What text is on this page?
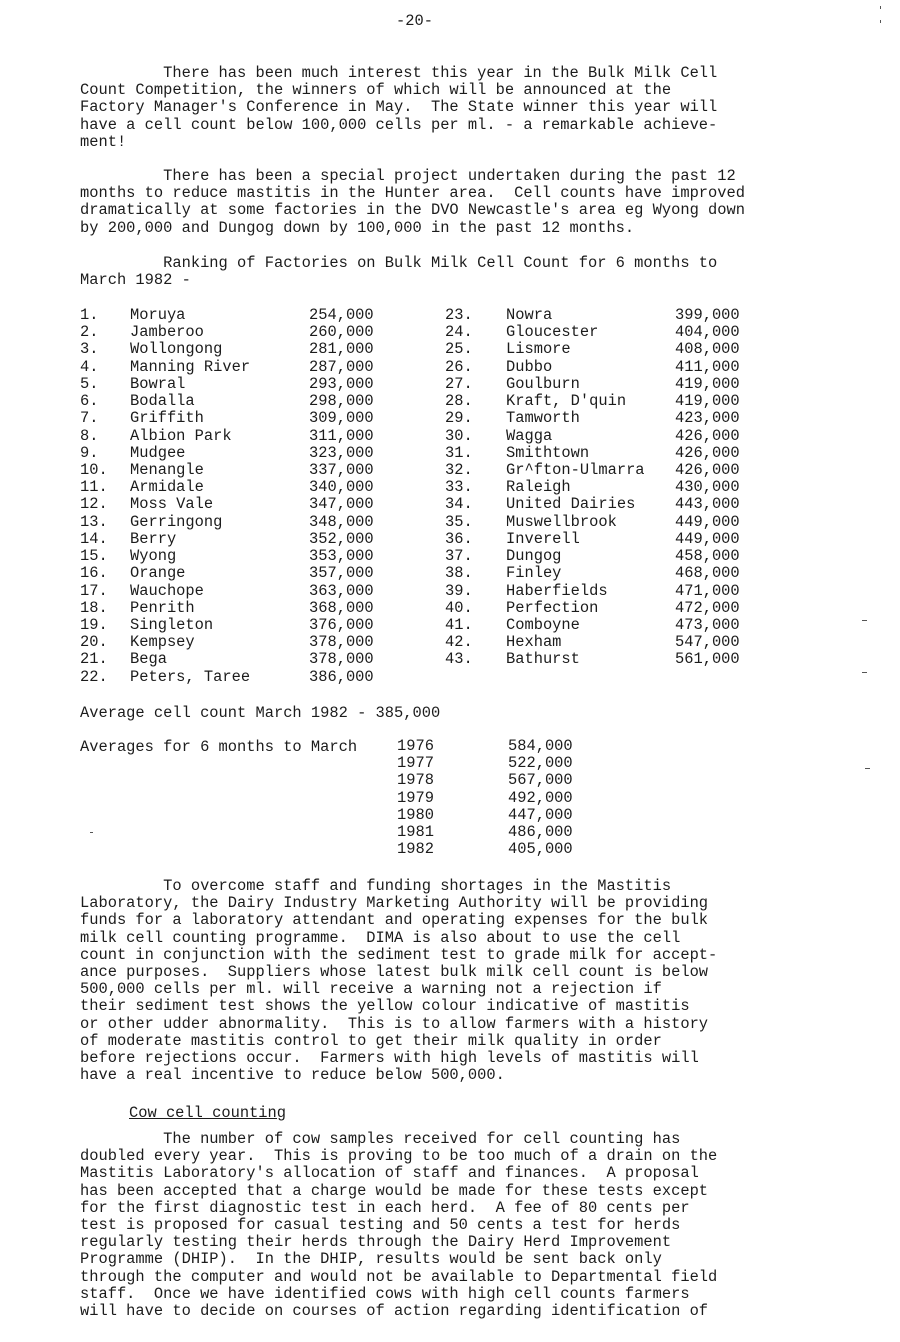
-20-

There has been much interest this year in the Bulk Milk Cell
Count Competition, the winners of which will be announced at the
Factory Manager's Conference in May.  The State winner this year will
have a cell count below 100,000 cells per ml. - a remarkable achieve-
ment!

There has been a special project undertaken during the past 12
months to reduce mastitis in the Hunter area.  Cell counts have improved
dramatically at some factories in the DVO Newcastle's area eg Wyong down
by 200,000 and Dungog down by 100,000 in the past 12 months.

Ranking of Factories on Bulk Milk Cell Count for 6 months to
March 1982 -

1. Moruya	254,000
2. Jamberoo	260,000
3. Wollongong	281,000
4. Manning River	287,000
5. Bowral	293,000
6. Bodalla	298,000
7. Griffith	309,000
8. Albion Park	311,000
9. Mudgee	323,000
10. Menangle	337,000
11. Armidale	340,000
12. Moss Vale	347,000
13. Gerringong	348,000
14. Berry	352,000
15. Wyong	353,000
16. Orange	357,000
17. Wauchope	363,000
18. Penrith	368,000
19. Singleton	376,000
20. Kempsey	378,000
21. Bega	378,000
22. Peters, Taree	386,000
23. Nowra	399,000
24. Gloucester	404,000
25. Lismore	408,000
26. Dubbo	411,000
27. Goulburn	419,000
28. Kraft, D'quin	419,000
29. Tamworth	423,000
30. Wagga	426,000
31. Smithtown	426,000
32. Gr^fton-Ulmarra 426,000
33. Raleigh	430,000
34. United Dairies	443,000
35. Muswellbrook	449,000
36. Inverell	449,000
37. Dungog	458,000
38. Finley	468,000
39. Haberfields	471,000
40. Perfection	472,000
41. Comboyne	473,000
42. Hexham	547,000
43. Bathurst	561,000
Average cell count March 1982 - 385,000
Averages for 6 months to March	1976	584,000
1977	522,000
1978	567,000
1979	492,000
1980	447,000
1981	486,000
1982	405,000

To overcome staff and funding shortages in the Mastitis
Laboratory, the Dairy Industry Marketing Authority will be providing
funds for a laboratory attendant and operating expenses for the bulk
milk cell counting programme.  DIMA is also about to use the cell
count in conjunction with the sediment test to grade milk for accept-
ance purposes.  Suppliers whose latest bulk milk cell count is below
500,000 cells per ml. will receive a warning not a rejection if
their sediment test shows the yellow colour indicative of mastitis
or other udder abnormality.  This is to allow farmers with a history
of moderate mastitis control to get their milk quality in order
before rejections occur.  Farmers with high levels of mastitis will
have a real incentive to reduce below 500,000.

Cow cell counting

The number of cow samples received for cell counting has
doubled every year.  This is proving to be too much of a drain on the
Mastitis Laboratory's allocation of staff and finances.  A proposal
has been accepted that a charge would be made for these tests except
for the first diagnostic test in each herd.  A fee of 80 cents per
test is proposed for casual testing and 50 cents a test for herds
regularly testing their herds through the Dairy Herd Improvement
Programme (DHIP).  In the DHIP, results would be sent back only
through the computer and would not be available to Departmental field
staff.  Once we have identified cows with high cell counts farmers
will have to decide on courses of action regarding identification of
